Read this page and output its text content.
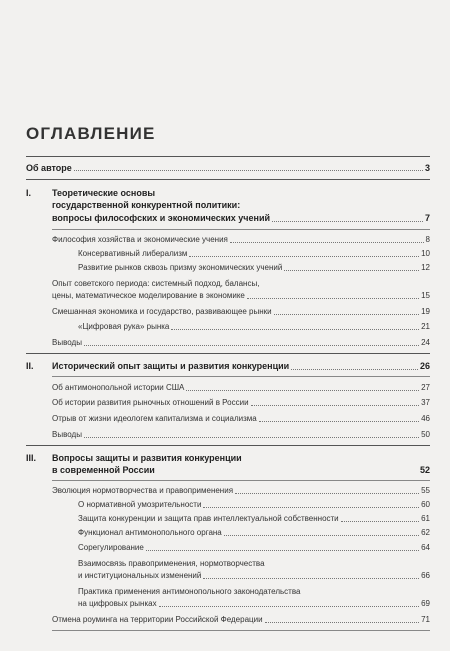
ОГЛАВЛЕНИЕ
Об авторе	3
I. Теоретические основы
государственной конкурентной политики:
вопросы философских и экономических учений	7
Философия хозяйства и экономические учения	8
Консервативный либерализм	10
Развитие рынков сквозь призму экономических учений	12
Опыт советского периода: системный подход, балансы,
цены, математическое моделирование в экономике	15
Смешанная экономика и государство, развивающее рынки	19
«Цифровая рука» рынка	21
Выводы	24
II. Исторический опыт защиты и развития конкуренции	26
Об антимонопольной истории США	27
Об истории развития рыночных отношений в России	37
Отрыв от жизни идеологем капитализма и социализма	46
Выводы	50
III. Вопросы защиты и развития конкуренции
в современной России	52
Эволюция нормотворчества и правоприменения	55
О нормативной умозрительности	60
Защита конкуренции и защита прав интеллектуальной собственности	61
Функционал антимонопольного органа	62
Сорегулирование	64
Взаимосвязь правоприменения, нормотворчества
и институциональных изменений	66
Практика применения антимонопольного законодательства
на цифровых рынках	69
Отмена роуминга на территории Российской Федерации	71
